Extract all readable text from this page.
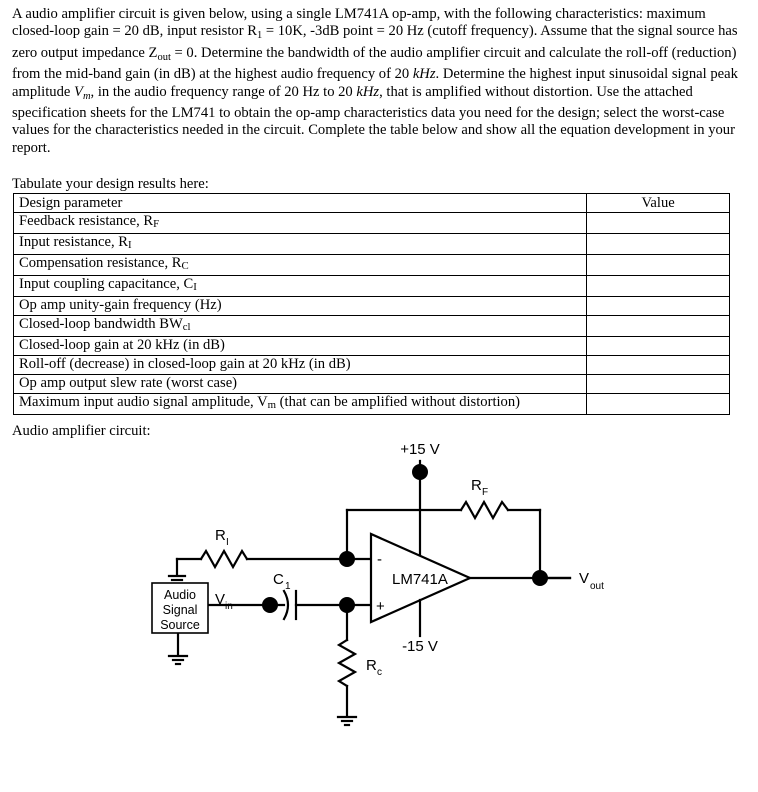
A audio amplifier circuit is given below, using a single LM741A op-amp, with the following characteristics: maximum closed-loop gain = 20 dB, input resistor $R_1 = 10K$, -3dB point = 20 Hz (cutoff frequency). Assume that the signal source has zero output impedance $Z_{out} = 0$. Determine the bandwidth of the audio amplifier circuit and calculate the roll-off (reduction) from the mid-band gain (in dB) at the highest audio frequency of 20 kHz. Determine the highest input sinusoidal signal peak amplitude $V_m$, in the audio frequency range of 20 Hz to 20 kHz, that is amplified without distortion. Use the attached specification sheets for the LM741 to obtain the op-amp characteristics data you need for the design; select the worst-case values for the characteristics needed in the circuit. Complete the table below and show all the equation development in your report.
Tabulate your design results here:
Design parameter	Value
Feedback resistance, RF	
Input resistance, RI	
Compensation resistance, RC	
Input coupling capacitance, CI	
Op amp unity-gain frequency (Hz)	
Closed-loop bandwidth BWcl	
Closed-loop gain at 20 kHz (in dB)	
Roll-off (decrease) in closed-loop gain at 20 kHz (in dB)	
Op amp output slew rate (worst case)	
Maximum input audio signal amplitude, Vm (that can be amplified without distortion)	
Audio amplifier circuit:
Audio
Signal
Source
+15 V
-15 V
LM741A
-
+
R F
R I
C 1
R c
V in
V out
